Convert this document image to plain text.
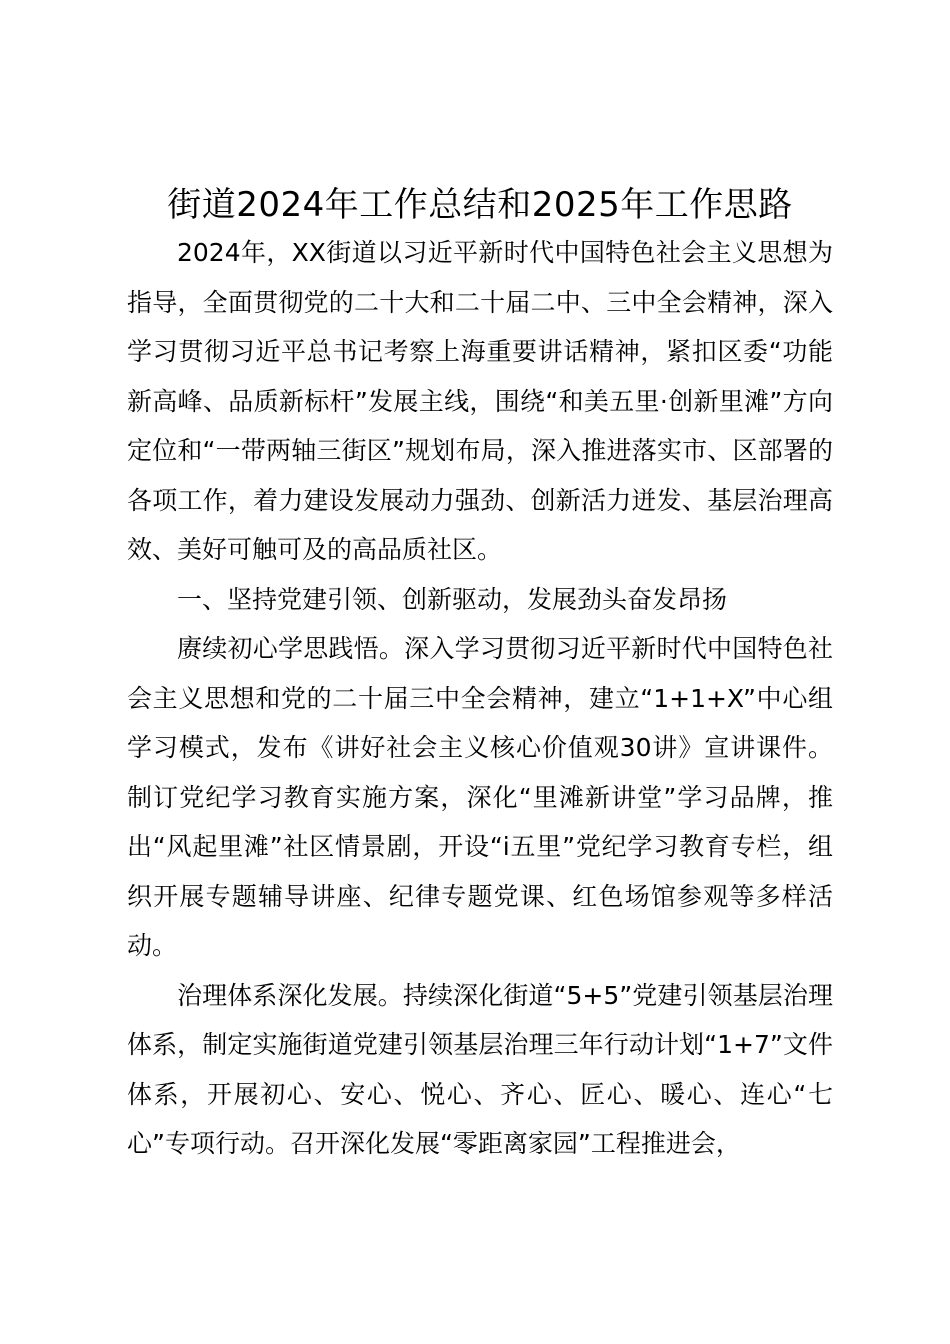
街道2024年工作总结和2025年工作思路

2024年，XX街道以习近平新时代中国特色社会主义思想为指导，全面贯彻党的二十大和二十届二中、三中全会精神，深入学习贯彻习近平总书记考察上海重要讲话精神，紧扣区委“功能新高峰、品质新标杆”发展主线，围绕“和美五里·创新里滩”方向定位和“一带两轴三街区”规划布局，深入推进落实市、区部署的各项工作，着力建设发展动力强劲、创新活力迸发、基层治理高效、美好可触可及的高品质社区。

一、坚持党建引领、创新驱动，发展劲头奋发昂扬

赓续初心学思践悟。深入学习贯彻习近平新时代中国特色社会主义思想和党的二十届三中全会精神，建立“1+1+X”中心组学习模式，发布《讲好社会主义核心价值观30讲》宣讲课件。制订党纪学习教育实施方案，深化“里滩新讲堂”学习品牌，推出“风起里滩”社区情景剧，开设“i五里”党纪学习教育专栏，组织开展专题辅导讲座、纪律专题党课、红色场馆参观等多样活动。

治理体系深化发展。持续深化街道“5+5”党建引领基层治理体系，制定实施街道党建引领基层治理三年行动计划“1+7”文件体系，开展初心、安心、悦心、齐心、匠心、暖心、连心“七心”专项行动。召开深化发展“零距离家园”工程推进会，
